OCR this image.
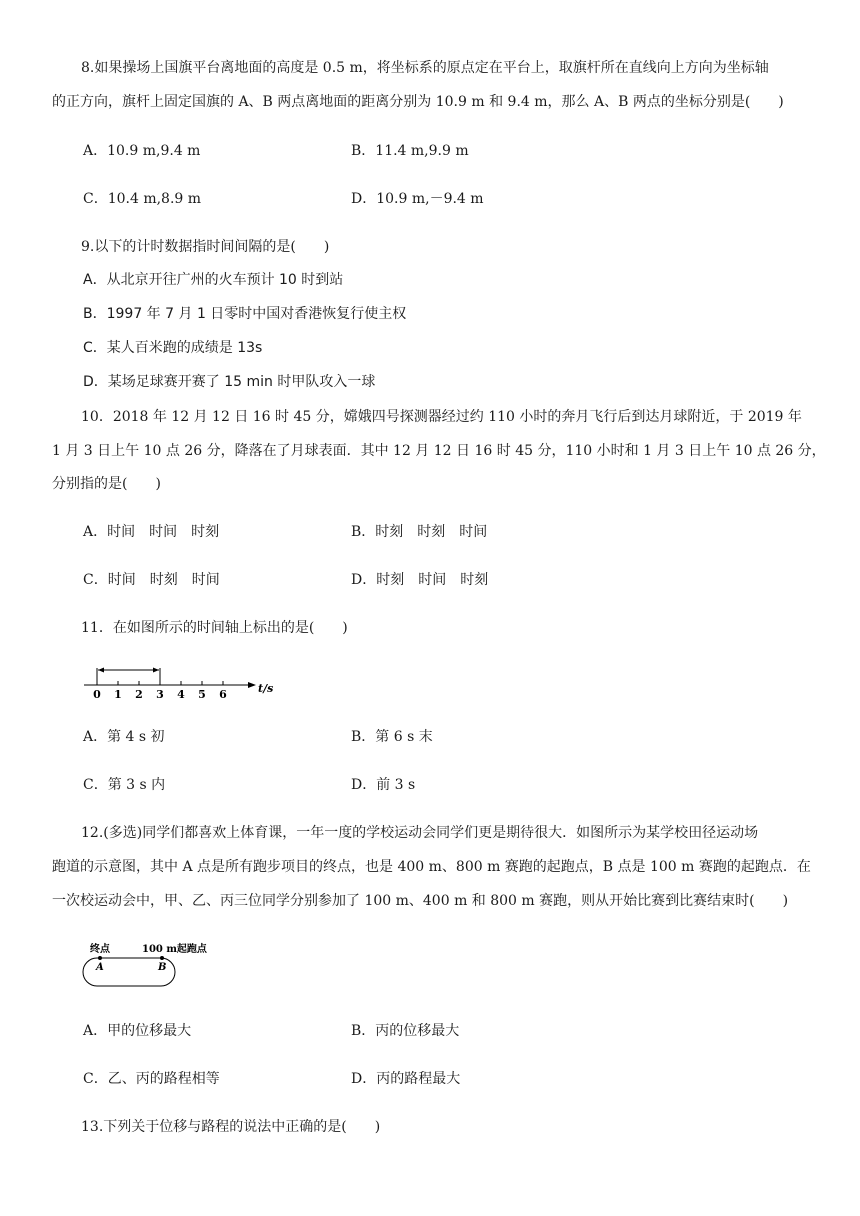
8.如果操场上国旗平台离地面的高度是 0.5 m，将坐标系的原点定在平台上，取旗杆所在直线向上方向为坐标轴
的正方向，旗杆上固定国旗的 A、B 两点离地面的距离分别为 10.9 m 和 9.4 m，那么 A、B 两点的坐标分别是(　　)
A．10.9 m,9.4 m	B．11.4 m,9.9 m
C．10.4 m,8.9 m	D．10.9 m,－9.4 m
9.以下的计时数据指时间间隔的是(　　)
A．从北京开往广州的火车预计 10 时到站
B．1997 年 7 月 1 日零时中国对香港恢复行使主权
C．某人百米跑的成绩是 13s
D．某场足球赛开赛了 15 min 时甲队攻入一球
10．2018 年 12 月 12 日 16 时 45 分，嫦娥四号探测器经过约 110 小时的奔月飞行后到达月球附近，于 2019 年
1 月 3 日上午 10 点 26 分，降落在了月球表面．其中 12 月 12 日 16 时 45 分，110 小时和 1 月 3 日上午 10 点 26 分，
分别指的是(　　)
A．时间　时间　时刻	B．时刻　时刻　时间
C．时间　时刻　时间	D．时刻　时间　时刻
11．在如图所示的时间轴上标出的是(　　)
0 1 2 3 4 5 6	t/s
A．第 4 s 初	B．第 6 s 末
C．第 3 s 内	D．前 3 s
12.(多选)同学们都喜欢上体育课，一年一度的学校运动会同学们更是期待很大．如图所示为某学校田径运动场
跑道的示意图，其中 A 点是所有跑步项目的终点，也是 400 m、800 m 赛跑的起跑点，B 点是 100 m 赛跑的起跑点．在
一次校运动会中，甲、乙、丙三位同学分别参加了 100 m、400 m 和 800 m 赛跑，则从开始比赛到比赛结束时(　　)
终点	100 m起跑点
A	B
A．甲的位移最大	B．丙的位移最大
C．乙、丙的路程相等	D．丙的路程最大
13.下列关于位移与路程的说法中正确的是(　　)
